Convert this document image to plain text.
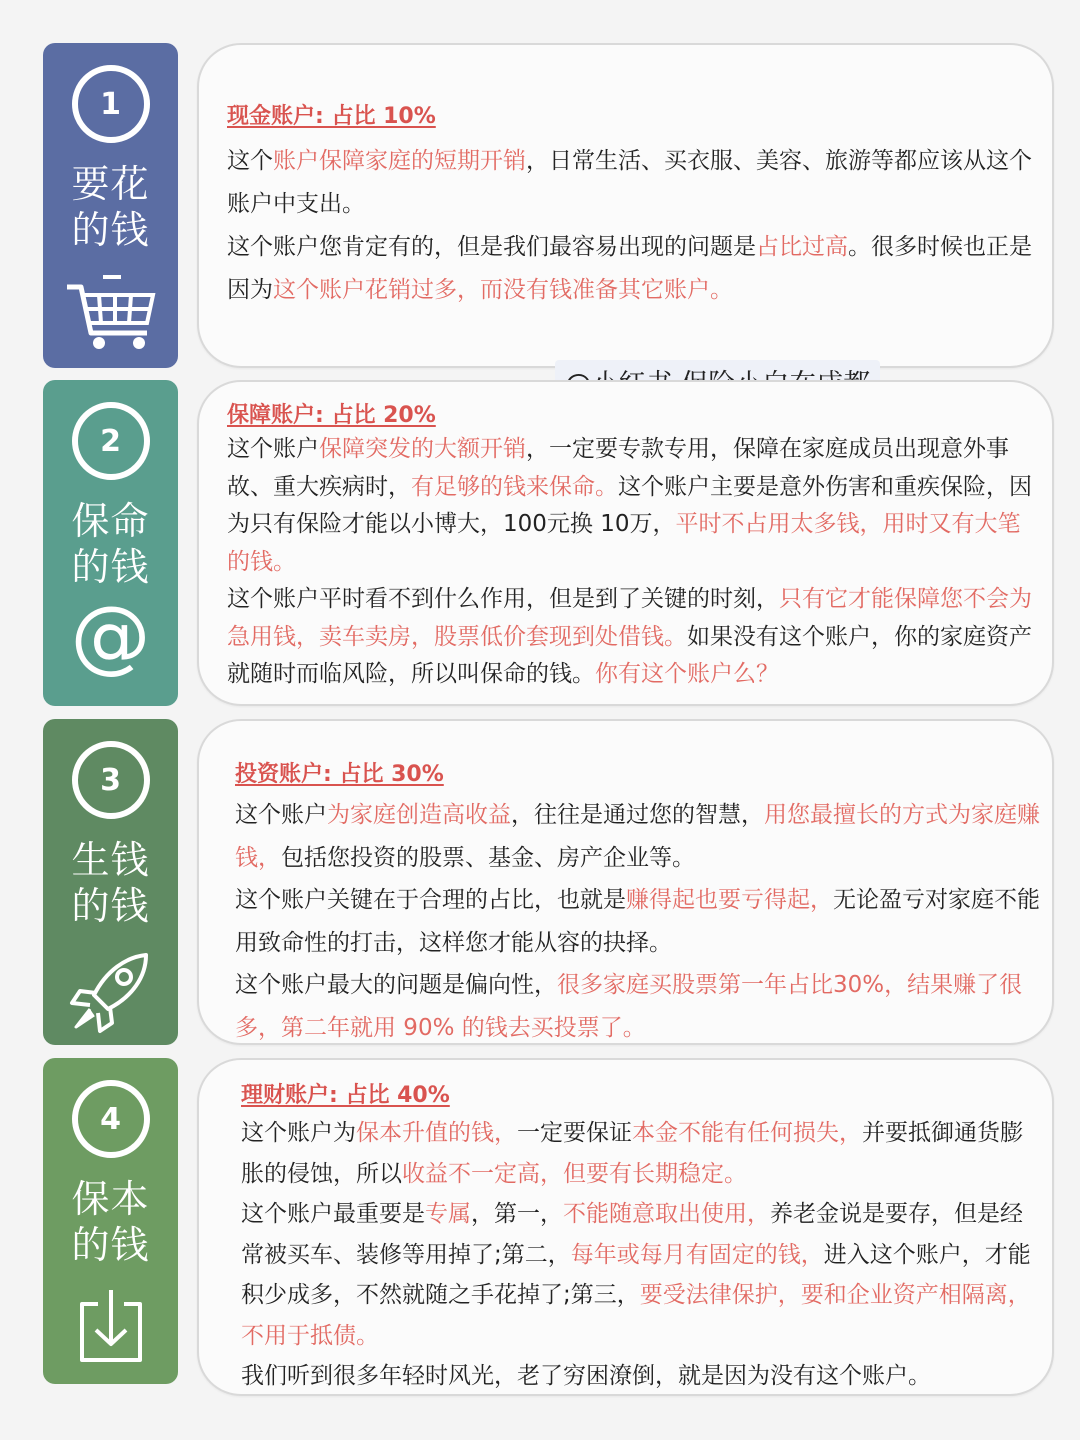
1
要花
的钱
现金账户: 占比 10%

这个账户保障家庭的短期开销，日常生活、买衣服、美容、旅游等都应该从这个账户中支出。

这个账户您肯定有的，但是我们最容易出现的问题是占比过高。很多时候也正是因为这个账户花销过多，而没有钱准备其它账户。

2
保命
的钱
@
保障账户: 占比 20%

这个账户保障突发的大额开销，一定要专款专用，保障在家庭成员出现意外事故、重大疾病时，有足够的钱来保命。这个账户主要是意外伤害和重疾保险，因为只有保险才能以小博大，100元换 10万，平时不占用太多钱，用时又有大笔的钱。

这个账户平时看不到什么作用，但是到了关键的时刻，只有它才能保障您不会为急用钱，卖车卖房，股票低价套现到处借钱。如果没有这个账户，你的家庭资产就随时而临风险，所以叫保命的钱。你有这个账户么？

3
生钱
的钱
投资账户: 占比 30%

这个账户为家庭创造高收益，往往是通过您的智慧，用您最擅长的方式为家庭赚钱，包括您投资的股票、基金、房产企业等。

这个账户关键在于合理的占比，也就是赚得起也要亏得起，无论盈亏对家庭不能用致命性的打击，这样您才能从容的抉择。

这个账户最大的问题是偏向性，很多家庭买股票第一年占比30%，结果赚了很多，第二年就用 90% 的钱去买投票了。

4
保本
的钱
理财账户: 占比 40%

这个账户为保本升值的钱，一定要保证本金不能有任何损失，并要抵御通货膨胀的侵蚀，所以收益不一定高，但要有长期稳定。

这个账户最重要是专属，第一，不能随意取出使用，养老金说是要存，但是经常被买车、装修等用掉了;第二，每年或每月有固定的钱，进入这个账户，才能积少成多，不然就随之手花掉了;第三，要受法律保护，要和企业资产相隔离，不用于抵债。

我们听到很多年轻时风光，老了穷困潦倒，就是因为没有这个账户。
